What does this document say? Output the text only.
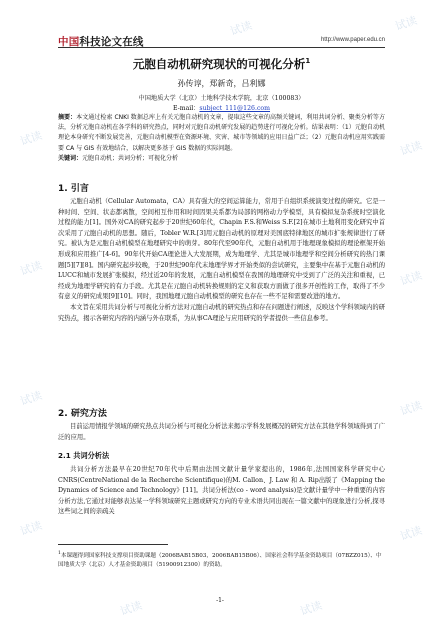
中国科技论文在线	http://www.paper.edu.cn
元胞自动机研究现状的可视化分析$^1$
孙传谆，郑新奇，吕利娜
中国地质大学（北京）土地科学技术学院，北京（100083）
E-mail：subject_111@126.com
摘要：本文通过检索 CNKI 数据总库上有关元胞自动机的文章，提取这些文章的高频关键词，利用共词分析、聚类分析等方法，分析元胞自动机在各学科的研究热点，同时对元胞自动机研究发展的趋势进行可视化分析。结果表明：（1）元胞自动机理论本身研究不断发展完善，元胞自动机模型在资源环境、灾害、城市等领域的应用日益广泛；（2）元胞自动机应用实践需要 CA 与 GIS 有效地结合，以解决更多基于 GIS 数据的实际问题。
关键词：元胞自动机；共词分析；可视化分析
1. 引言

元胞自动机（Cellular Automata，CA）具有强大的空间运算能力，常用于自组织系统演变过程的研究。它是一种时间、空间、状态都离散，空间相互作用和时间因果关系都为局部的网格动力学模型，具有模拟复杂系统时空演化过程的能力[1]。国外对CA的研究起步于20世纪60年代，Chapin F.S.和Weiss S.F.[2]在城市土地利用变化研究中首次采用了元胞自动机的思想。随后，Tobler W.R.[3]用元胞自动机的原理对美国底特律地区的城市扩张规律进行了研究。被认为是元胞自动机模型在地理研究中的萌芽。80年代至90年代，元胞自动机用于地理现象模拟的理论框架开始形成和应用推广[4-6]。90年代开始CA理论进入大发展期，成为地理学、尤其是城市地理学和空间分析研究的热门课题[5][7][8]。国内研究起步较晚，于20世纪90年代末地理学界才开始类似的尝试研究，主要集中在基于元胞自动机的LUCC和城市发展扩张模拟，经过近20年的发展，元胞自动机模型在我国的地理研究中受到了广泛的关注和重视，已经成为地理学研究的有力手段。尤其是在元胞自动机转换规则的定义和获取方面做了很多开创性的工作，取得了不少有意义的研究成果[9][10]。同时，我国地理元胞自动机模型的研究也存在一些不足和需要改进的地方。

本文旨在采用共词分析与可视化分析方法对元胞自动机的研究热点和存在问题进行阐述，反映这个学科领域内的研究热点，揭示各研究内容的内涵与外在联系，为从事CA理论与应用研究的学者提供一些信息参考。

2. 研究方法

目前运用情报学领域的研究热点共词分析与可视化分析法来揭示学科发展概况的研究方法在其他学科领域得到了广泛的应用。

2.1 共词分析法

共词分析方法最早在20世纪70年代中后期由法国文献计量学家提出的，1986年,法国国家科学研究中心CNRS(CentreNational de la Recherche Scientifique)的M. Callon、J. Law 和 A. Rip出版了《Mapping the Dynamics of Science and Technology》[11]。共词分析法(co - word analysis)是文献计量学中一种重要的内容分析方法,它通过对能够表达某一学科领域研究主题或研究方向的专业术语共同出现在一篇文献中的现象进行分析,探寻这些词之间的亲疏关

$^1$本课题得到国家科技支撑项目资助课题（2006BAB15B03，2006BAB15B06）、国家社会科学基金资助项目（07BZZ015）、中国地质大学（北京）人才基金资助项目（51900912300）的资助。
-1-
试读	试读
试读
试读
试读
试读
试读
试读
试读	试读
试读	试读
